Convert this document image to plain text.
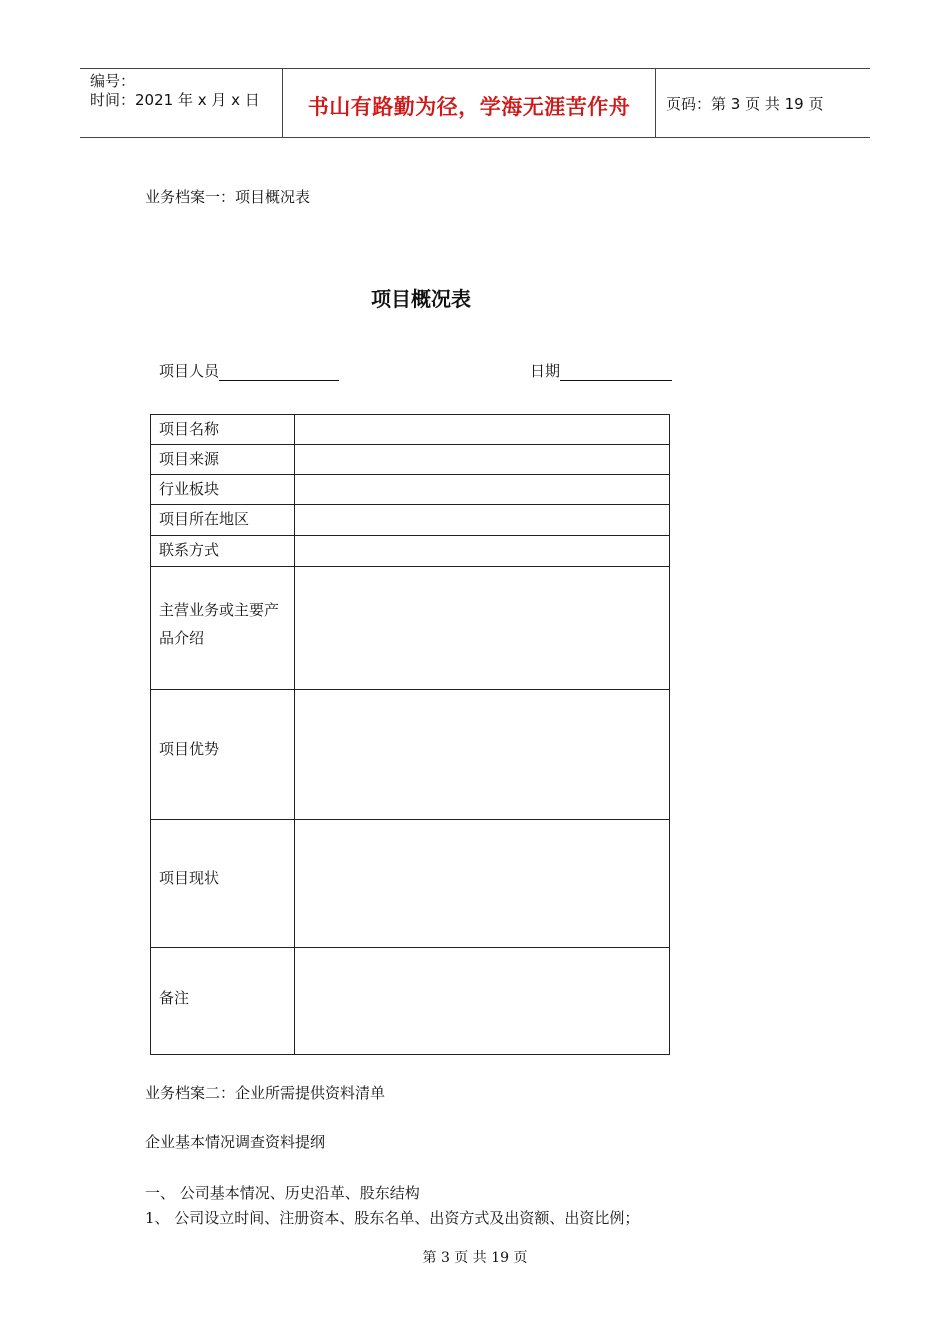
编号：
时间：2021 年 x 月 x 日	书山有路勤为径，学海无涯苦作舟	页码：第 3 页 共 19 页
业务档案一：项目概况表
项目概况表
项目人员	日期
项目名称
项目来源
行业板块
项目所在地区
联系方式
主营业务或主要产
品介绍
项目优势
项目现状
备注
业务档案二：企业所需提供资料清单
企业基本情况调查资料提纲
一、 公司基本情况、历史沿革、股东结构
1、 公司设立时间、注册资本、股东名单、出资方式及出资额、出资比例；
第 3 页 共 19 页
